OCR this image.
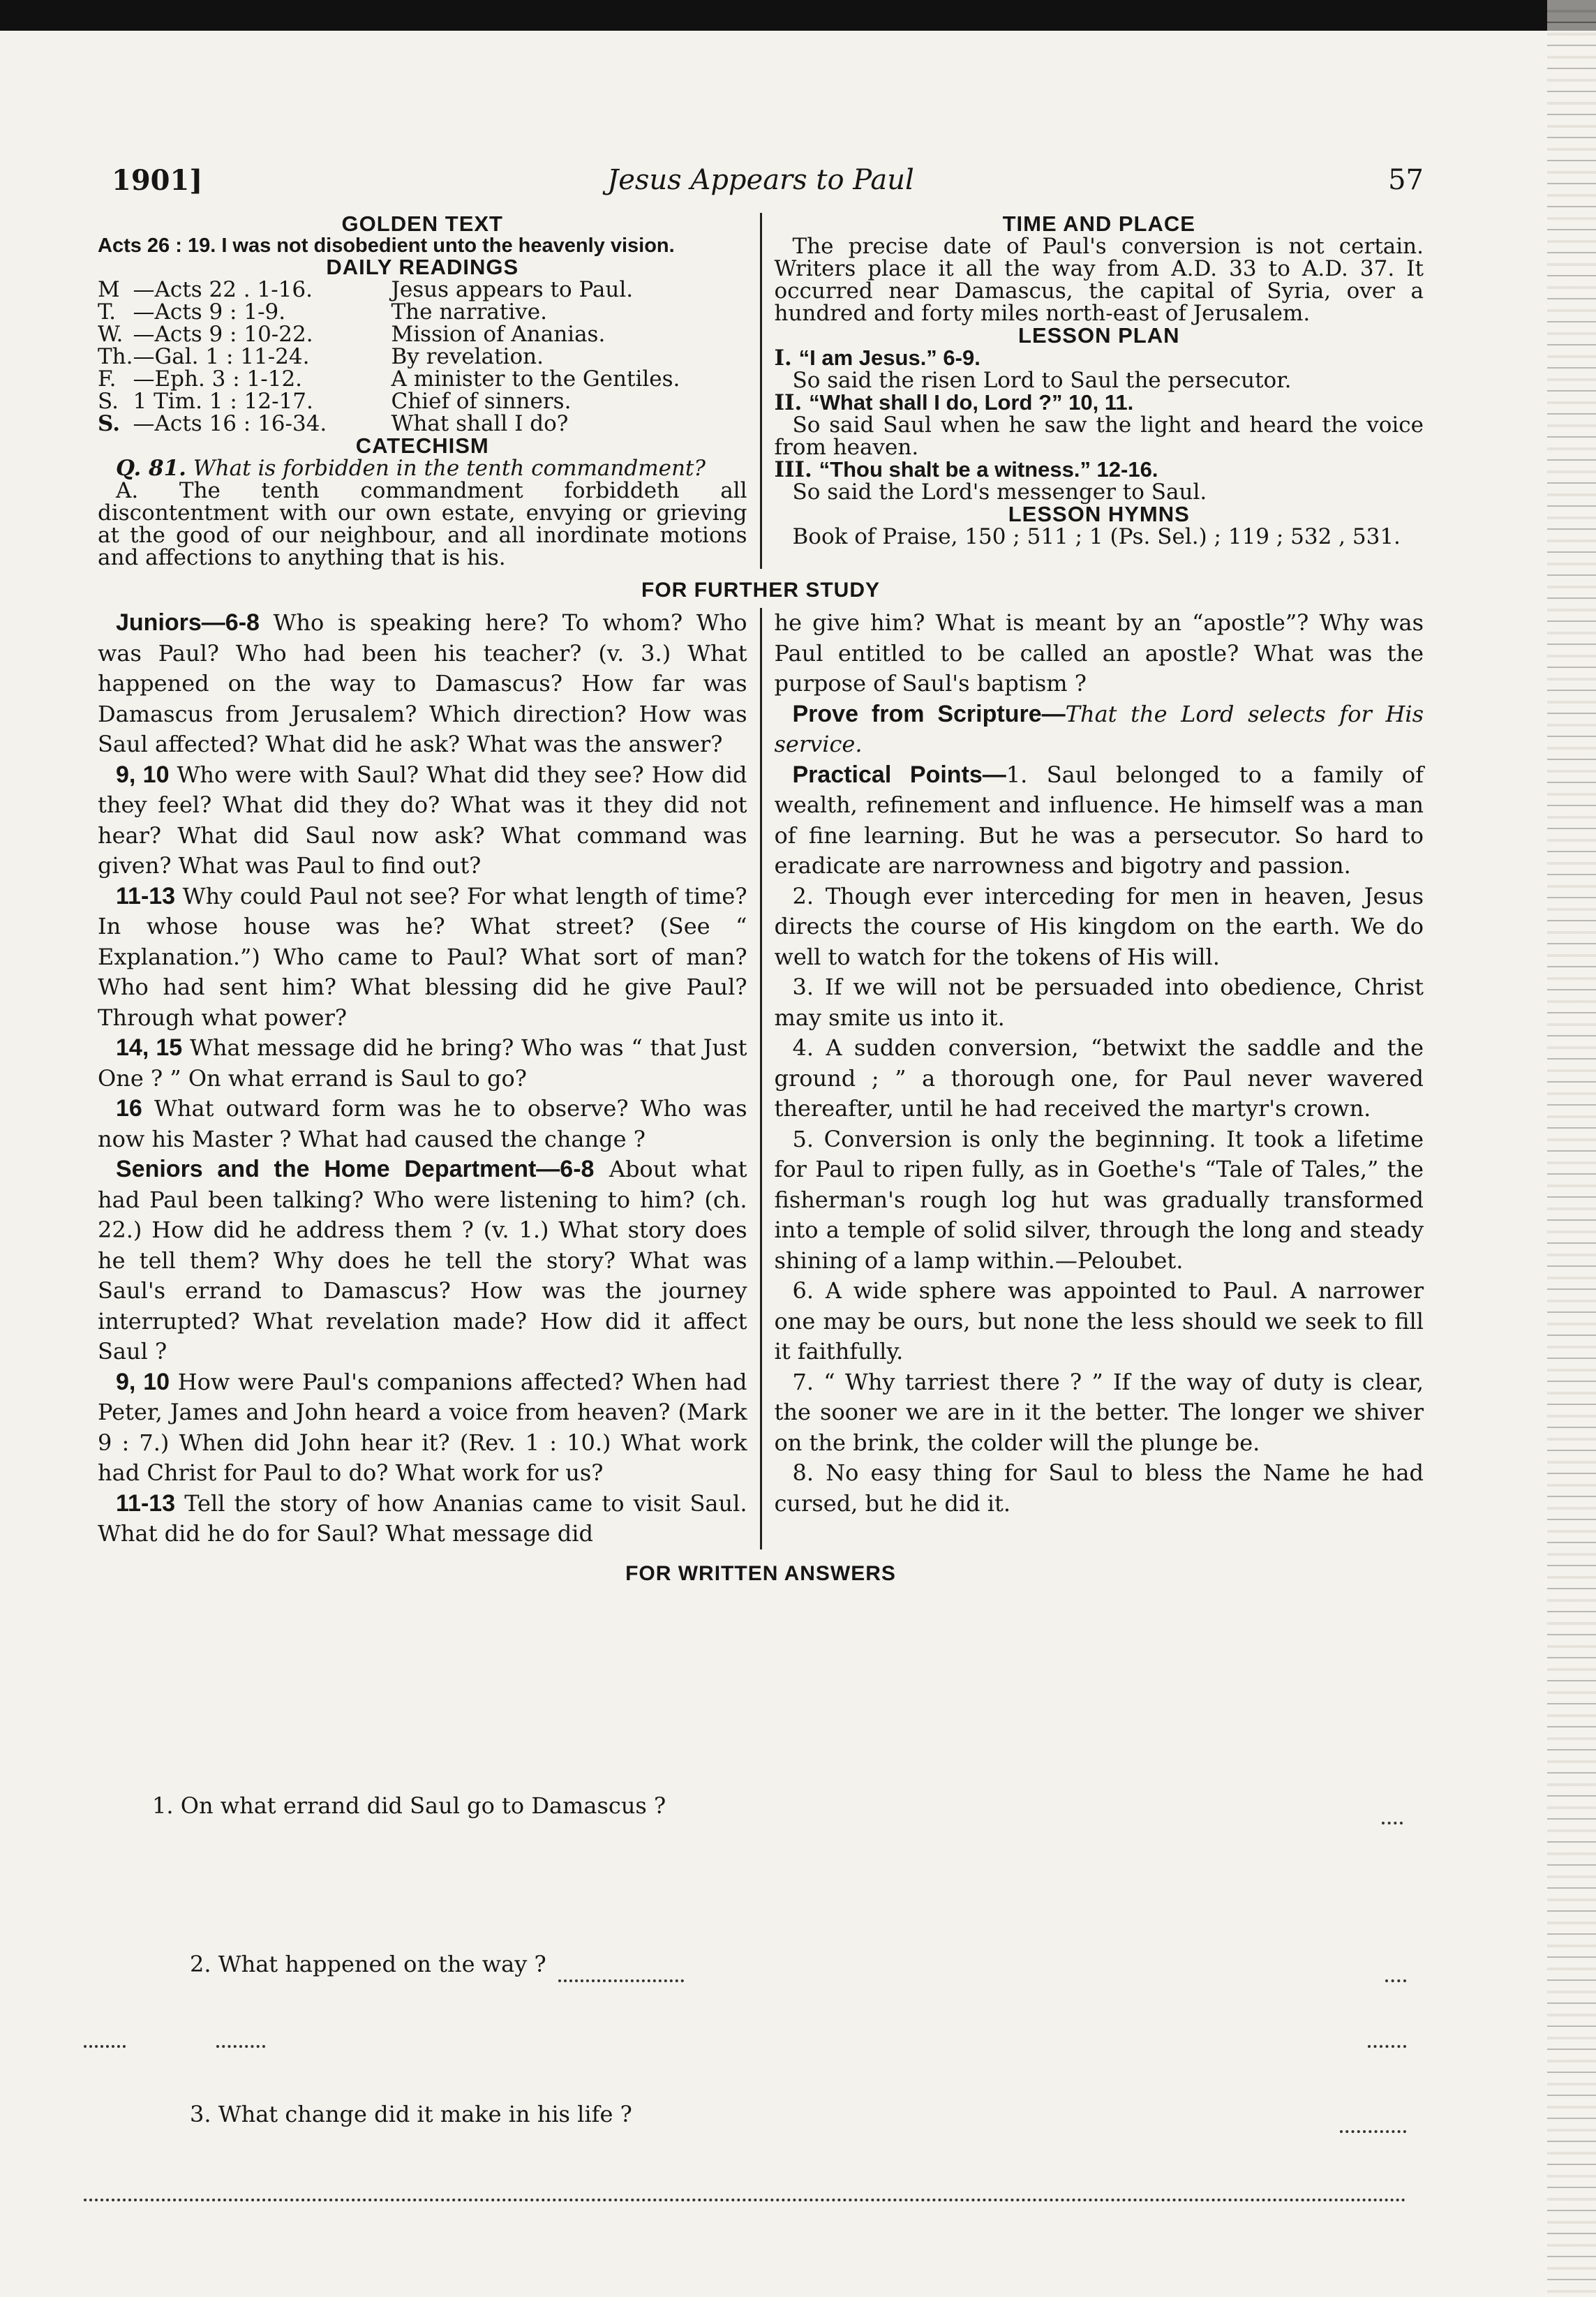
1901]	Jesus Appears to Paul	57
GOLDEN TEXT
Acts 26 : 19. I was not disobedient unto the heavenly vision.
DAILY READINGS
M	—Acts 22 . 1-16.	Jesus appears to Paul.
T.	—Acts 9 : 1-9.	The narrative.
W.	—Acts 9 : 10-22.	Mission of Ananias.
Th.	—Gal. 1 : 11-24.	By revelation.
F.	—Eph. 3 : 1-12.	A minister to the Gentiles.
S.	1 Tim. 1 : 12-17.	Chief of sinners.
S.	—Acts 16 : 16-34.	What shall I do?
CATECHISM
Q. 81. What is forbidden in the tenth commandment?
A. The tenth commandment forbiddeth all discontentment with our own estate, envying or grieving at the good of our neighbour, and all inordinate motions and affections to anything that is his.
TIME AND PLACE
The precise date of Paul's conversion is not certain. Writers place it all the way from A.D. 33 to A.D. 37. It occurred near Damascus, the capital of Syria, over a hundred and forty miles north-east of Jerusalem.
LESSON PLAN
I. “I am Jesus.” 6-9.
So said the risen Lord to Saul the persecutor.
II. “What shall I do, Lord ?” 10, 11.
So said Saul when he saw the light and heard the voice from heaven.
III. “Thou shalt be a witness.” 12-16.
So said the Lord's messenger to Saul.
LESSON HYMNS
Book of Praise, 150 ; 511 ; 1 (Ps. Sel.) ; 119 ; 532 , 531.
FOR FURTHER STUDY

Juniors—6-8 Who is speaking here? To whom? Who was Paul? Who had been his teacher? (v. 3.) What happened on the way to Damascus? How far was Damascus from Jerusalem? Which direction? How was Saul affected? What did he ask? What was the answer?

9, 10 Who were with Saul? What did they see? How did they feel? What did they do? What was it they did not hear? What did Saul now ask? What command was given? What was Paul to find out?

11-13 Why could Paul not see? For what length of time? In whose house was he? What street? (See “ Explanation.”) Who came to Paul? What sort of man? Who had sent him? What blessing did he give Paul? Through what power?

14, 15 What message did he bring? Who was “ that Just One ? ” On what errand is Saul to go?

16 What outward form was he to observe? Who was now his Master ? What had caused the change ?

Seniors and the Home Department—6-8 About what had Paul been talking? Who were listening to him? (ch. 22.) How did he address them ? (v. 1.) What story does he tell them? Why does he tell the story? What was Saul's errand to Damascus? How was the journey interrupted? What revelation made? How did it affect Saul ?

9, 10 How were Paul's companions affected? When had Peter, James and John heard a voice from heaven? (Mark 9 : 7.) When did John hear it? (Rev. 1 : 10.) What work had Christ for Paul to do? What work for us?

11-13 Tell the story of how Ananias came to visit Saul. What did he do for Saul? What message did

he give him? What is meant by an “apostle”? Why was Paul entitled to be called an apostle? What was the purpose of Saul's baptism ?

Prove from Scripture—That the Lord selects for His service.

Practical Points—1. Saul belonged to a family of wealth, refinement and influence. He himself was a man of fine learning. But he was a persecutor. So hard to eradicate are narrowness and bigotry and passion.

2. Though ever interceding for men in heaven, Jesus directs the course of His kingdom on the earth. We do well to watch for the tokens of His will.

3. If we will not be persuaded into obedience, Christ may smite us into it.

4. A sudden conversion, “betwixt the saddle and the ground ; ” a thorough one, for Paul never wavered thereafter, until he had received the martyr's crown.

5. Conversion is only the beginning. It took a lifetime for Paul to ripen fully, as in Goethe's “Tale of Tales,” the fisherman's rough log hut was gradually transformed into a temple of solid silver, through the long and steady shining of a lamp within.—Peloubet.

6. A wide sphere was appointed to Paul. A narrower one may be ours, but none the less should we seek to fill it faithfully.

7. “ Why tarriest there ? ” If the way of duty is clear, the sooner we are in it the better. The longer we shiver on the brink, the colder will the plunge be.

8. No easy thing for Saul to bless the Name he had cursed, but he did it.

FOR WRITTEN ANSWERS
1. On what errand did Saul go to Damascus ?
2. What happened on the way ?
3. What change did it make in his life ?
